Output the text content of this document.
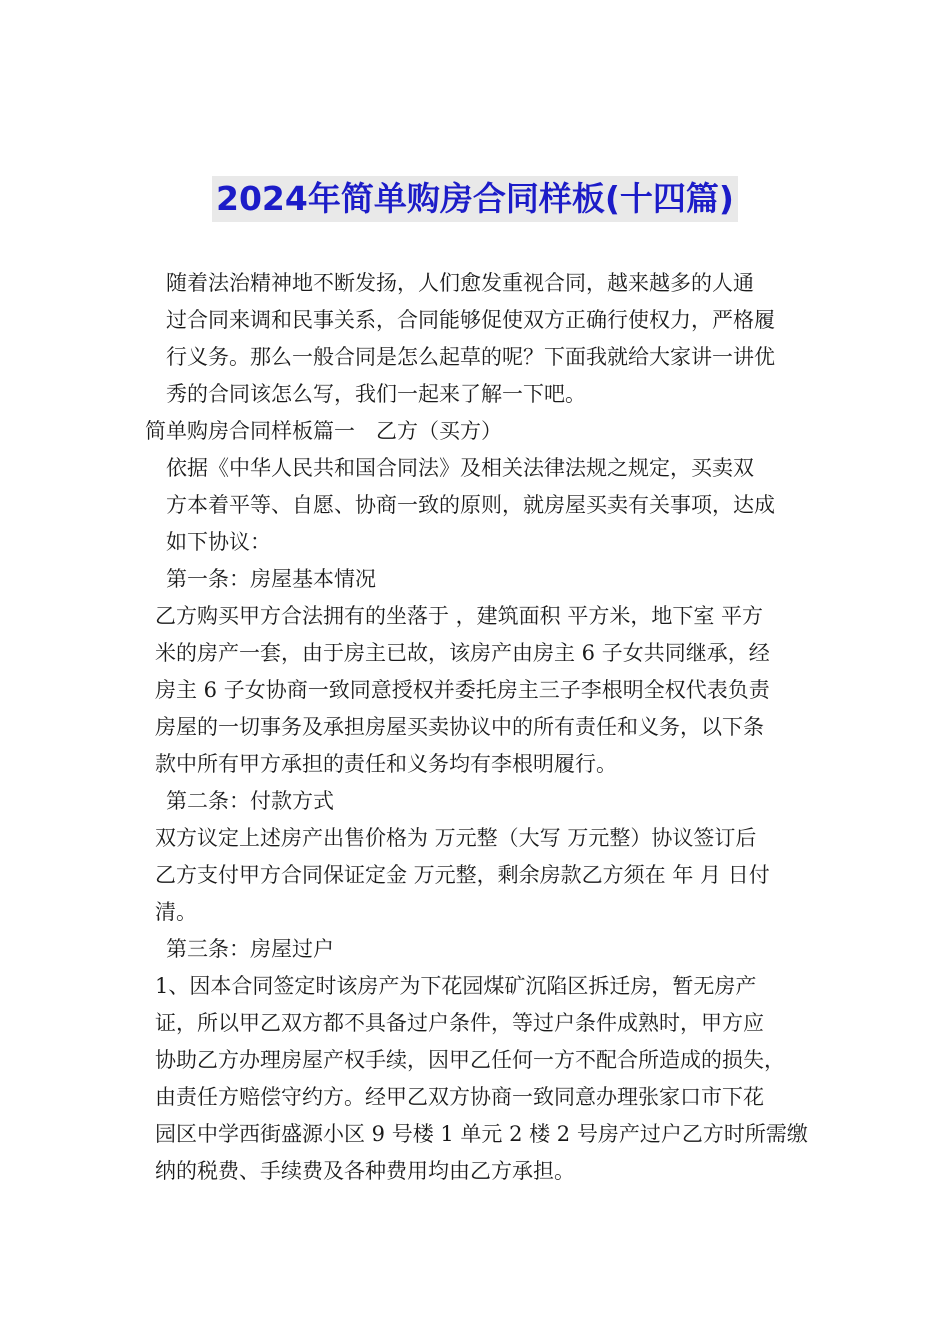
2024年简单购房合同样板(十四篇)
随着法治精神地不断发扬，人们愈发重视合同，越来越多的人通
过合同来调和民事关系，合同能够促使双方正确行使权力，严格履
行义务。那么一般合同是怎么起草的呢？下面我就给大家讲一讲优
秀的合同该怎么写，我们一起来了解一下吧。
简单购房合同样板篇一　乙方（买方）
依据《中华人民共和国合同法》及相关法律法规之规定，买卖双
方本着平等、自愿、协商一致的原则，就房屋买卖有关事项，达成
如下协议：
第一条：房屋基本情况
乙方购买甲方合法拥有的坐落于 ，建筑面积 平方米，地下室 平方
米的房产一套，由于房主已故，该房产由房主 6 子女共同继承，经
房主 6 子女协商一致同意授权并委托房主三子李根明全权代表负责
房屋的一切事务及承担房屋买卖协议中的所有责任和义务，以下条
款中所有甲方承担的责任和义务均有李根明履行。
第二条：付款方式
双方议定上述房产出售价格为 万元整（大写 万元整）协议签订后
乙方支付甲方合同保证定金 万元整，剩余房款乙方须在 年 月 日付
清。
第三条：房屋过户
1、因本合同签定时该房产为下花园煤矿沉陷区拆迁房，暂无房产
证，所以甲乙双方都不具备过户条件，等过户条件成熟时，甲方应
协助乙方办理房屋产权手续，因甲乙任何一方不配合所造成的损失，
由责任方赔偿守约方。经甲乙双方协商一致同意办理张家口市下花
园区中学西街盛源小区 9 号楼 1 单元 2 楼 2 号房产过户乙方时所需缴
纳的税费、手续费及各种费用均由乙方承担。
